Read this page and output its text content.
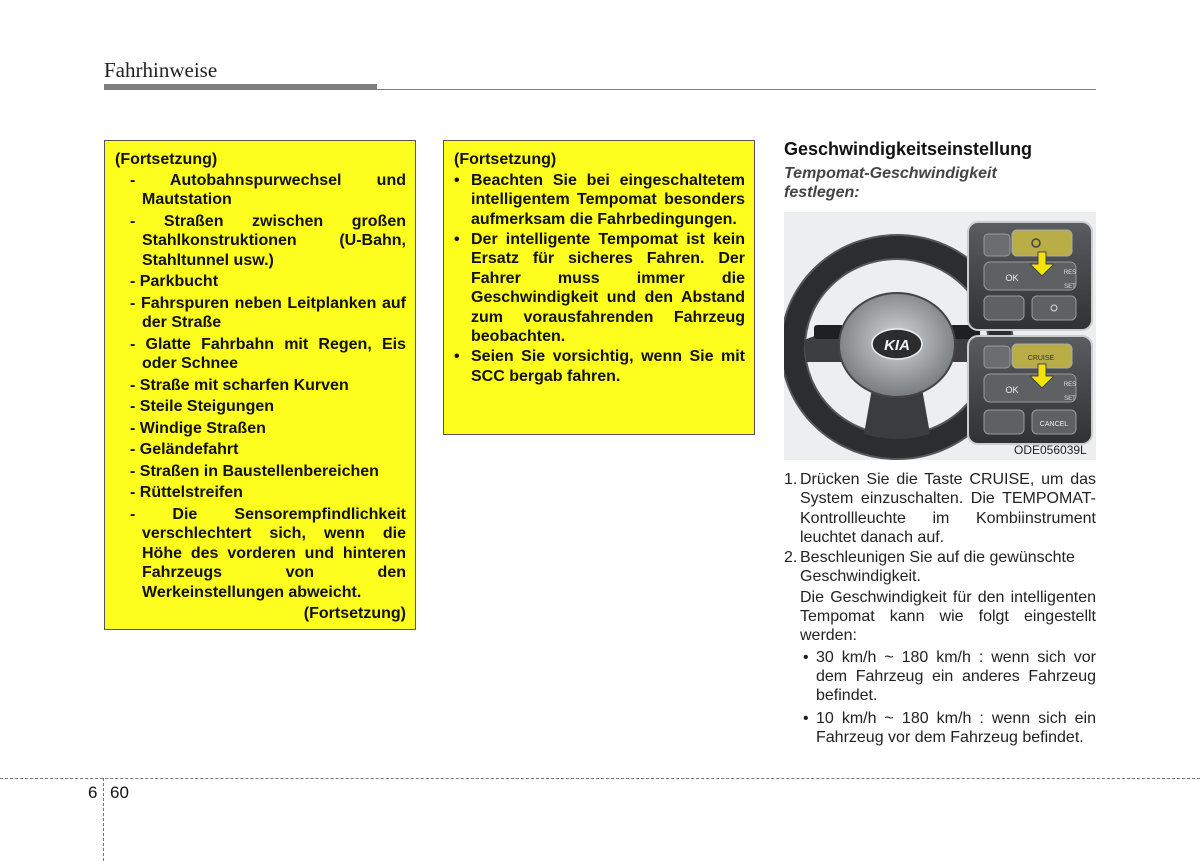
Fahrhinweise
(Fortsetzung)
- Autobahnspurwechsel und Mautstation
- Straßen zwischen großen Stahlkonstruktionen (U-Bahn, Stahltunnel usw.)
- Parkbucht
- Fahrspuren neben Leitplanken auf der Straße
- Glatte Fahrbahn mit Regen, Eis oder Schnee
- Straße mit scharfen Kurven
- Steile Steigungen
- Windige Straßen
- Geländefahrt
- Straßen in Baustellenbereichen
- Rüttelstreifen
- Die Sensorempfindlichkeit verschlechtert sich, wenn die Höhe des vorderen und hinteren Fahrzeugs von den Werkeinstellungen abweicht.
(Fortsetzung)
(Fortsetzung)
• Beachten Sie bei eingeschaltetem intelligentem Tempomat besonders aufmerksam die Fahrbedingungen.
• Der intelligente Tempomat ist kein Ersatz für sicheres Fahren. Der Fahrer muss immer die Geschwindigkeit und den Abstand zum vorausfahrenden Fahrzeug beobachten.
• Seien Sie vorsichtig, wenn Sie mit SCC bergab fahren.
Geschwindigkeitseinstellung
Tempomat-Geschwindigkeit festlegen:
KIA
OK	RES
SET
CRUISE
OK	RES
SET
CANCEL
ODE056039L
1. Drücken Sie die Taste CRUISE, um das System einzuschalten. Die TEMPOMAT-Kontrollleuchte im Kombiinstrument leuchtet danach auf.
2. Beschleunigen Sie auf die gewünschte Geschwindigkeit.
Die Geschwindigkeit für den intelligenten Tempomat kann wie folgt eingestellt werden:
• 30 km/h ~ 180 km/h : wenn sich vor dem Fahrzeug ein anderes Fahrzeug befindet.
• 10 km/h ~ 180 km/h : wenn sich ein Fahrzeug vor dem Fahrzeug befindet.
6 60
